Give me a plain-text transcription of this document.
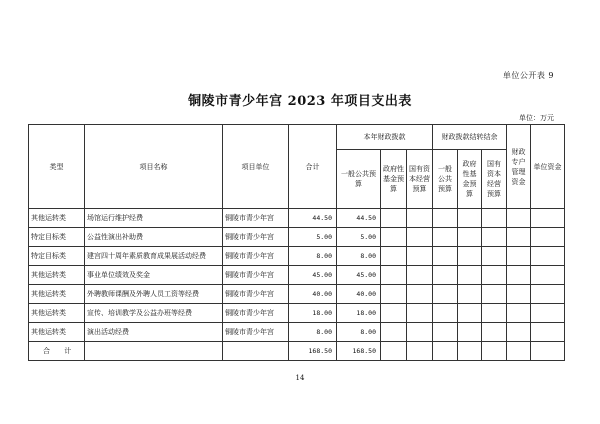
单位公开表 9
铜陵市青少年宫 2023 年项目支出表
单位：万元
类型	项目名称	项目单位	合计	本年财政拨款			财政拨款结转结余			财政专户管理资金	单位资金
				一般公共预算	政府性基金预算	国有资本经营预算	一般公共预算	政府性基金预算	国有资本经营预算		
其他运转类	场馆运行维护经费	铜陵市青少年宫	44.50	44.50							
特定目标类	公益性演出补助费	铜陵市青少年宫	5.00	5.00							
特定目标类	建宫四十周年素质教育成果展活动经费	铜陵市青少年宫	8.00	8.00							
其他运转类	事业单位绩效及奖金	铜陵市青少年宫	45.00	45.00							
其他运转类	外聘教师课酬及外聘人员工资等经费	铜陵市青少年宫	40.00	40.00							
其他运转类	宣传、培训教学及公益办班等经费	铜陵市青少年宫	18.00	18.00							
其他运转类	演出活动经费	铜陵市青少年宫	8.00	8.00							
合 计			168.50	168.50							
14
